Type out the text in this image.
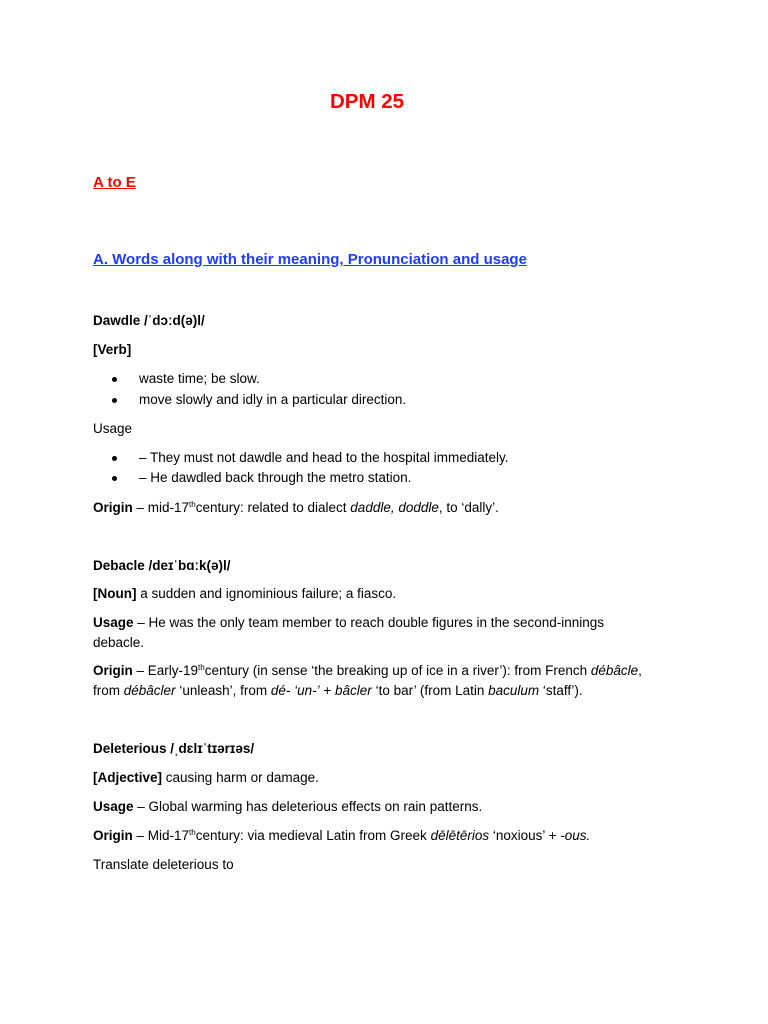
DPM 25
A to E
A. Words along with their meaning, Pronunciation and usage
Dawdle /ˈdɔːd(ə)l/
[Verb]
waste time; be slow.
move slowly and idly in a particular direction.
Usage
– They must not dawdle and head to the hospital immediately.
– He dawdled back through the metro station.
Origin – mid-17thcentury: related to dialect daddle, doddle, to ‘dally’.
Debacle /deɪˈbɑːk(ə)l/
[Noun] a sudden and ignominious failure; a fiasco.
Usage – He was the only team member to reach double figures in the second-innings
debacle.
Origin – Early-19thcentury (in sense ‘the breaking up of ice in a river’): from French débâcle,
from débâcler ‘unleash’, from dé- ‘un-’ + bâcler ‘to bar’ (from Latin baculum ‘staff’).
Deleterious /ˌdɛlɪˈtɪərɪəs/
[Adjective] causing harm or damage.
Usage – Global warming has deleterious effects on rain patterns.
Origin – Mid-17thcentury: via medieval Latin from Greek dēlētērios ‘noxious’ + -ous.
Translate deleterious to
